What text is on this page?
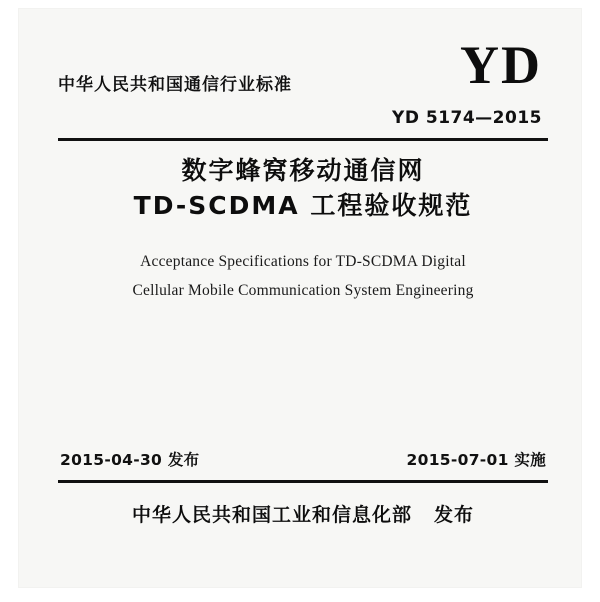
中华人民共和国通信行业标准	YD
YD 5174—2015
数字蜂窝移动通信网
TD-SCDMA 工程验收规范
Acceptance Specifications for TD-SCDMA Digital
Cellular Mobile Communication System Engineering
2015-04-30 发布	2015-07-01 实施
中华人民共和国工业和信息化部 发布
